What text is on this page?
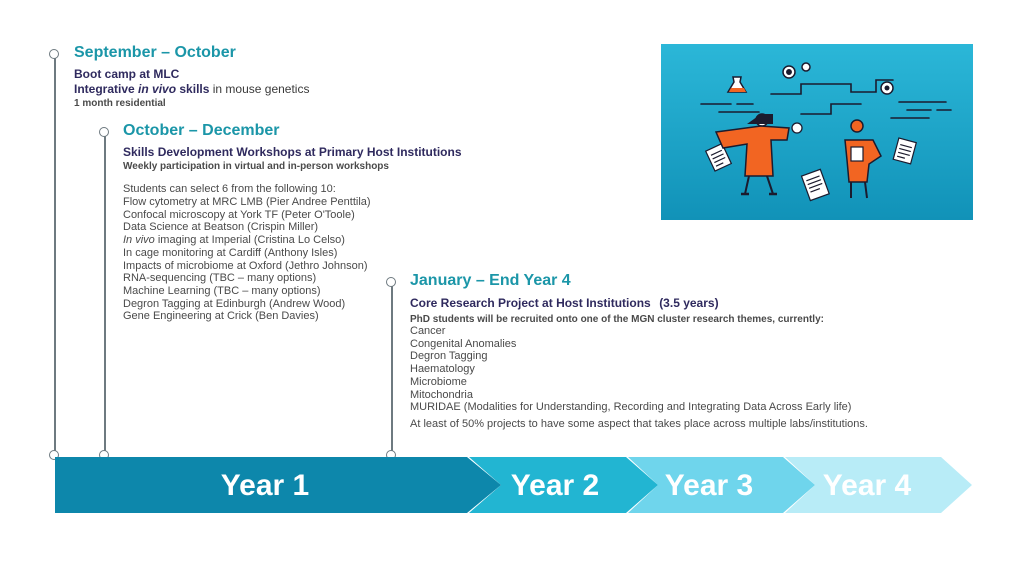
September – October
Boot camp at MLC
Integrative in vivo skills in mouse genetics
1 month residential
October – December
Skills Development Workshops at Primary Host Institutions
Weekly participation in virtual and in-person workshops
Students can select 6 from the following 10:
Flow cytometry at MRC LMB (Pier Andree Penttila)
Confocal microscopy at York TF (Peter O'Toole)
Data Science at Beatson (Crispin Miller)
In vivo imaging at Imperial (Cristina Lo Celso)
In cage monitoring at Cardiff (Anthony Isles)
Impacts of microbiome at Oxford (Jethro Johnson)
RNA-sequencing (TBC – many options)
Machine Learning (TBC – many options)
Degron Tagging at Edinburgh (Andrew Wood)
Gene Engineering at Crick (Ben Davies)
January – End Year 4
Core Research Project at Host Institutions (3.5 years)
PhD students will be recruited onto one of the MGN cluster research themes, currently:
Cancer
Congenital Anomalies
Degron Tagging
Haematology
Microbiome
Mitochondria
MURIDAE (Modalities for Understanding, Recording and Integrating Data Across Early life)
At least of 50% projects to have some aspect that takes place across multiple labs/institutions.
Year 1	Year 2	Year 3	Year 4
